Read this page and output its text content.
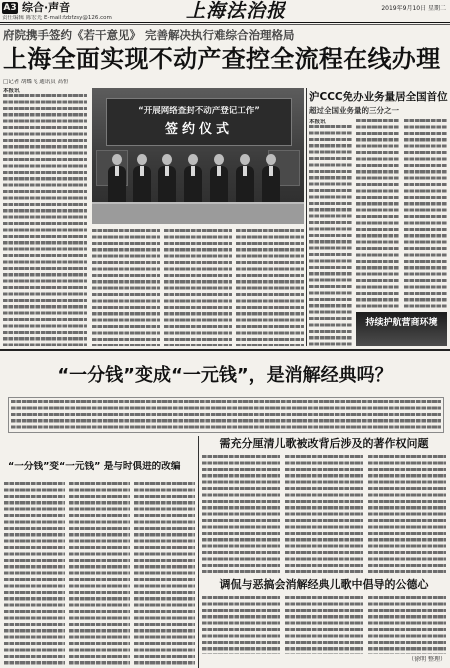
A3 综合·声音
责任编辑 陈宏光 E-mail:fzbfzsy@126.com	上海法治报	2019年9月10日 星期二
府院携手签约《若干意见》 完善解决执行难综合治理格局
上海全面实现不动产查控全流程在线办理
□记者 胡蝶飞 通讯员 高恒
本报讯
“开展网络查封不动产登记工作”
签约仪式
沪CCC免办业务量居全国首位
超过全国业务量的三分之一
本报讯
持续护航营商环境
“一分钱”变成“一元钱”，是消解经典吗？
“一分钱”变“一元钱” 是与时俱进的改编
需充分厘清儿歌被改背后涉及的著作权问题
调侃与恶搞会消解经典儿歌中倡导的公德心
（徐明 整理）
